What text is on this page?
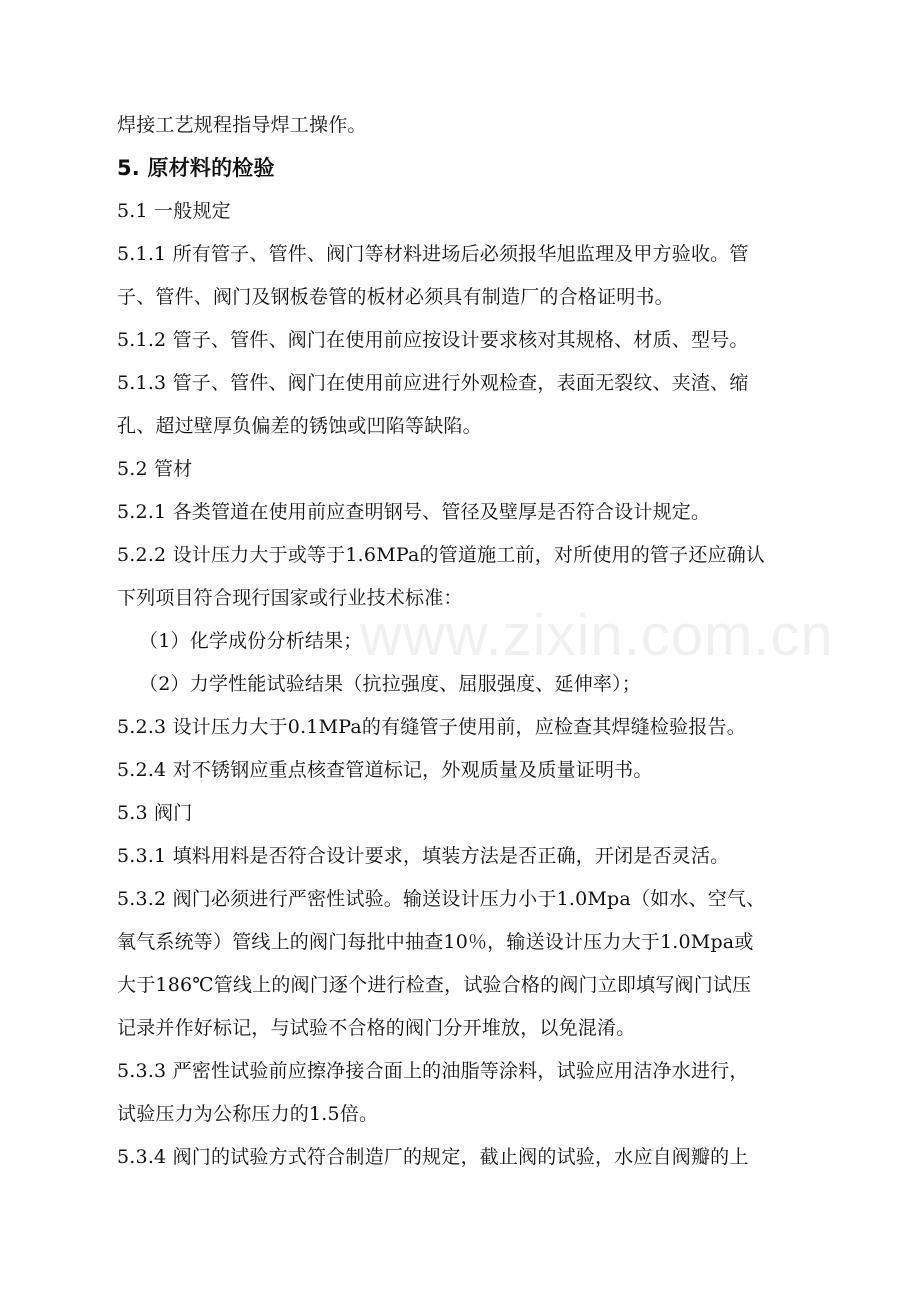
焊接工艺规程指导焊工操作。
5. 原材料的检验
5.1 一般规定
5.1.1 所有管子、管件、阀门等材料进场后必须报华旭监理及甲方验收。管
子、管件、阀门及钢板卷管的板材必须具有制造厂的合格证明书。
5.1.2 管子、管件、阀门在使用前应按设计要求核对其规格、材质、型号。
5.1.3 管子、管件、阀门在使用前应进行外观检查，表面无裂纹、夹渣、缩
孔、超过壁厚负偏差的锈蚀或凹陷等缺陷。
5.2 管材
5.2.1 各类管道在使用前应查明钢号、管径及壁厚是否符合设计规定。
5.2.2 设计压力大于或等于1.6MPa的管道施工前，对所使用的管子还应确认
下列项目符合现行国家或行业技术标准：
（1）化学成份分析结果；
（2）力学性能试验结果（抗拉强度、屈服强度、延伸率）；
5.2.3 设计压力大于0.1MPa的有缝管子使用前，应检查其焊缝检验报告。
5.2.4 对不锈钢应重点核查管道标记，外观质量及质量证明书。
5.3 阀门
5.3.1 填料用料是否符合设计要求，填装方法是否正确，开闭是否灵活。
5.3.2 阀门必须进行严密性试验。输送设计压力小于1.0Mpa（如水、空气、
氧气系统等）管线上的阀门每批中抽查10％，输送设计压力大于1.0Mpa或
大于186℃管线上的阀门逐个进行检查，试验合格的阀门立即填写阀门试压
记录并作好标记，与试验不合格的阀门分开堆放，以免混淆。
5.3.3 严密性试验前应擦净接合面上的油脂等涂料，试验应用洁净水进行，
试验压力为公称压力的1.5倍。
5.3.4 阀门的试验方式符合制造厂的规定，截止阀的试验，水应自阀瓣的上
www.zixin.com.cn
